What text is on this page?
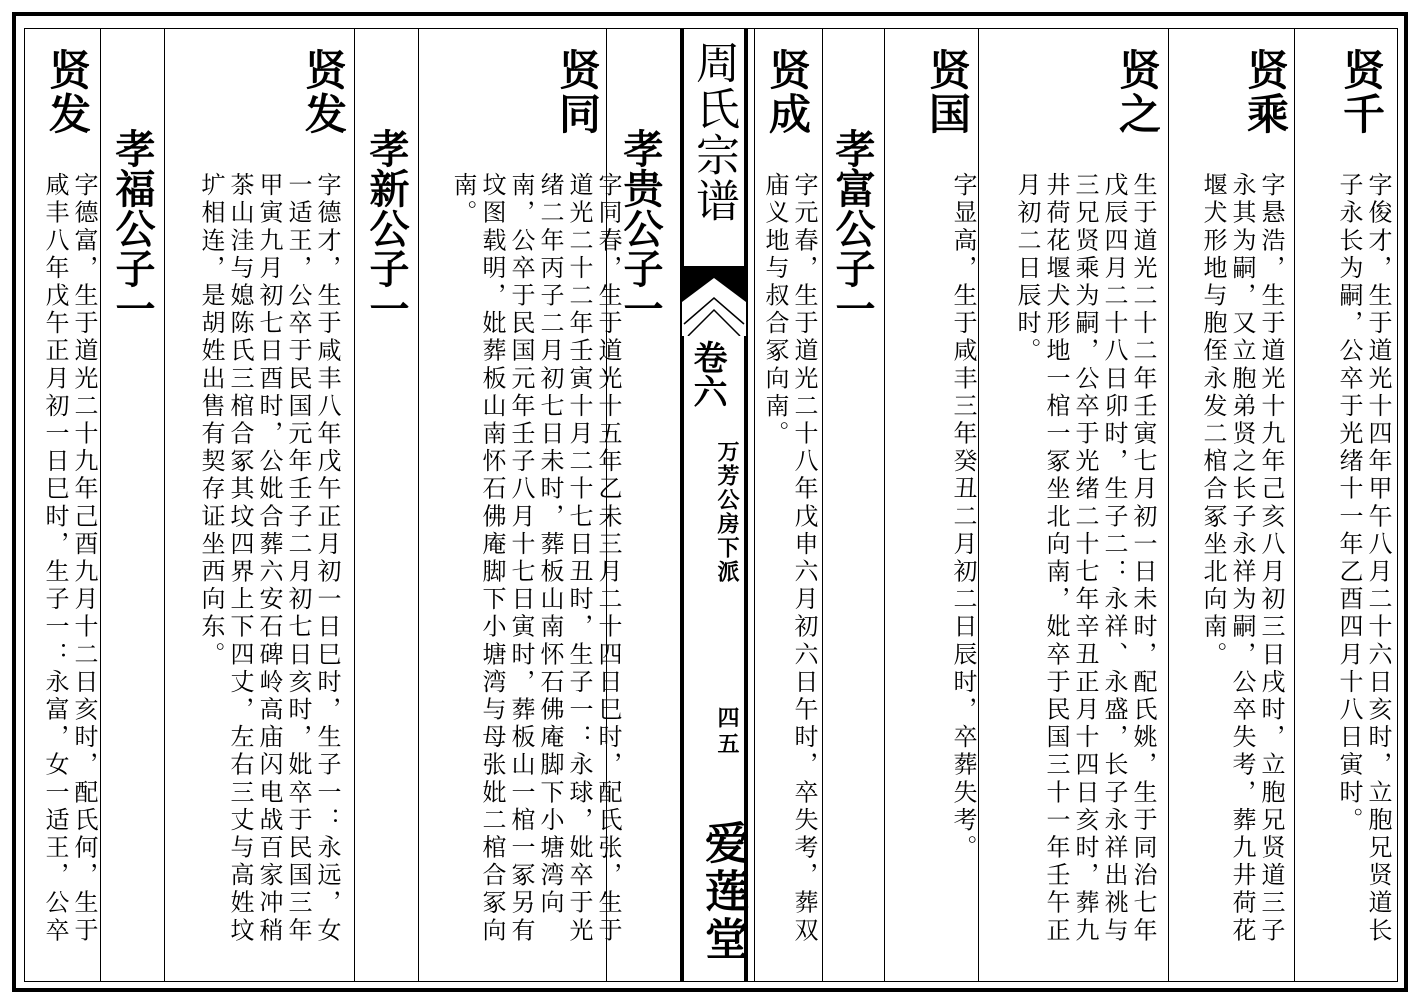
周氏宗谱
卷六
万芳公房下派
四五
爱莲堂
贤千
字俊才，生于道光十四年甲午八月二十六日亥时，立胞兄贤道长子永长为嗣，公卒于光绪十一年乙酉四月十八日寅时。
贤乘
字悬浩，生于道光十九年己亥八月初三日戌时，立胞兄贤道三子永其为嗣，又立胞弟贤之长子永祥为嗣，公卒失考，葬九井荷花堰犬形地与胞侄永发二棺合冢坐北向南。
贤之
生于道光二十二年壬寅七月初一日未时，配氏姚，生于同治七年戊辰四月二十八日卯时，生子二：永祥、永盛，长子永祥出祧与三兄贤乘为嗣，公卒于光绪二十七年辛丑正月十四日亥时，葬九井荷花堰犬形地一棺一冢坐北向南，妣卒于民国三十一年壬午正月初二日辰时。
贤国
字显高，生于咸丰三年癸丑二月初二日辰时，卒葬失考。
孝富公子一
贤成
字元春，生于道光二十八年戊申六月初六日午时，卒失考，葬双庙义地与叔合冢向南。
孝贵公子一
贤同
字同春，生于道光十五年乙未三月二十四日巳时，配氏张，生于道光二十二年壬寅十月二十七日丑时，生子一：永球，妣卒于光绪二年丙子二月初七日未时，葬板山南怀石佛庵脚下小塘湾向南，公卒于民国元年壬子八月十七日寅时，葬板山一棺一冢另有坟图载明，妣葬板山南怀石佛庵脚下小塘湾与母张妣二棺合冢向南。
孝新公子一
贤发
字德才，生于咸丰八年戊午正月初一日巳时，生子一：永远，女一适王，公卒于民国元年壬子二月初七日亥时，妣卒于民国三年甲寅九月初七日酉时，公妣合葬六安石碑岭高庙闪电战百家冲稍茶山洼与媳陈氏三棺合冢其坟四界上下四丈，左右三丈与高姓坟圹相连，是胡姓出售有契存证坐西向东。
孝福公子一
贤发
字德富，生于道光二十九年己酉九月十二日亥时，配氏何，生于咸丰八年戊午正月初一日巳时，生子一：永富，女一适王，公卒
